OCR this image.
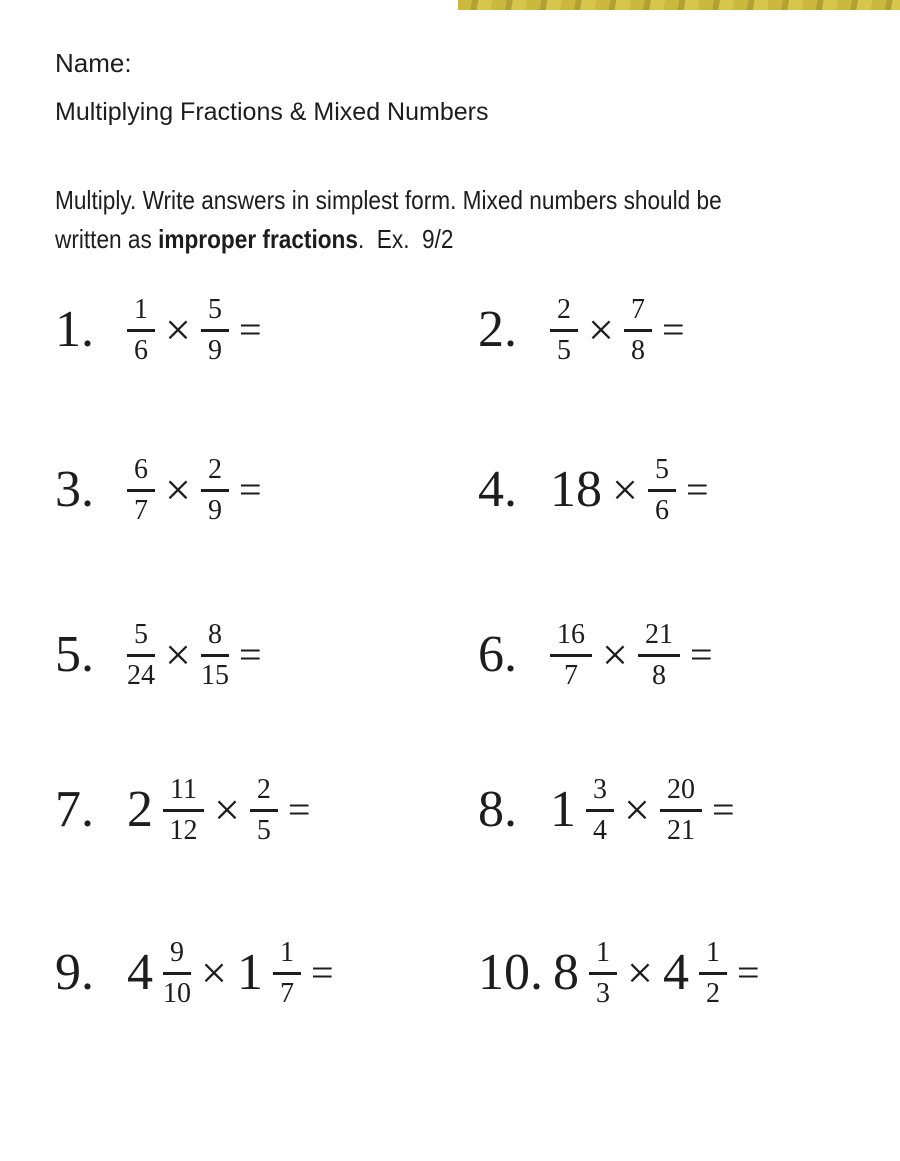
Name:
Multiplying Fractions & Mixed Numbers
Multiply. Write answers in simplest form. Mixed numbers should be
written as improper fractions.  Ex.  9/2
1.	$\frac{1}{6} \times \frac{5}{9}$ =	2.	$\frac{2}{5} \times \frac{7}{8}$ =
3.	$\frac{6}{7} \times \frac{2}{9}$ =	4. $18 \times \frac{5}{6}$ =
5.	$\frac{5}{24} \times \frac{8}{15}$ =	6.	$\frac{16}{7} \times \frac{21}{8}$ =
7. $2 \frac{11}{12} \times \frac{2}{5}$ =	8. $1 \frac{3}{4} \times \frac{20}{21}$ =
9. $4 \frac{9}{10} \times 1 \frac{1}{7}$ =	10. $8 \frac{1}{3} \times 4 \frac{1}{2}$ =
